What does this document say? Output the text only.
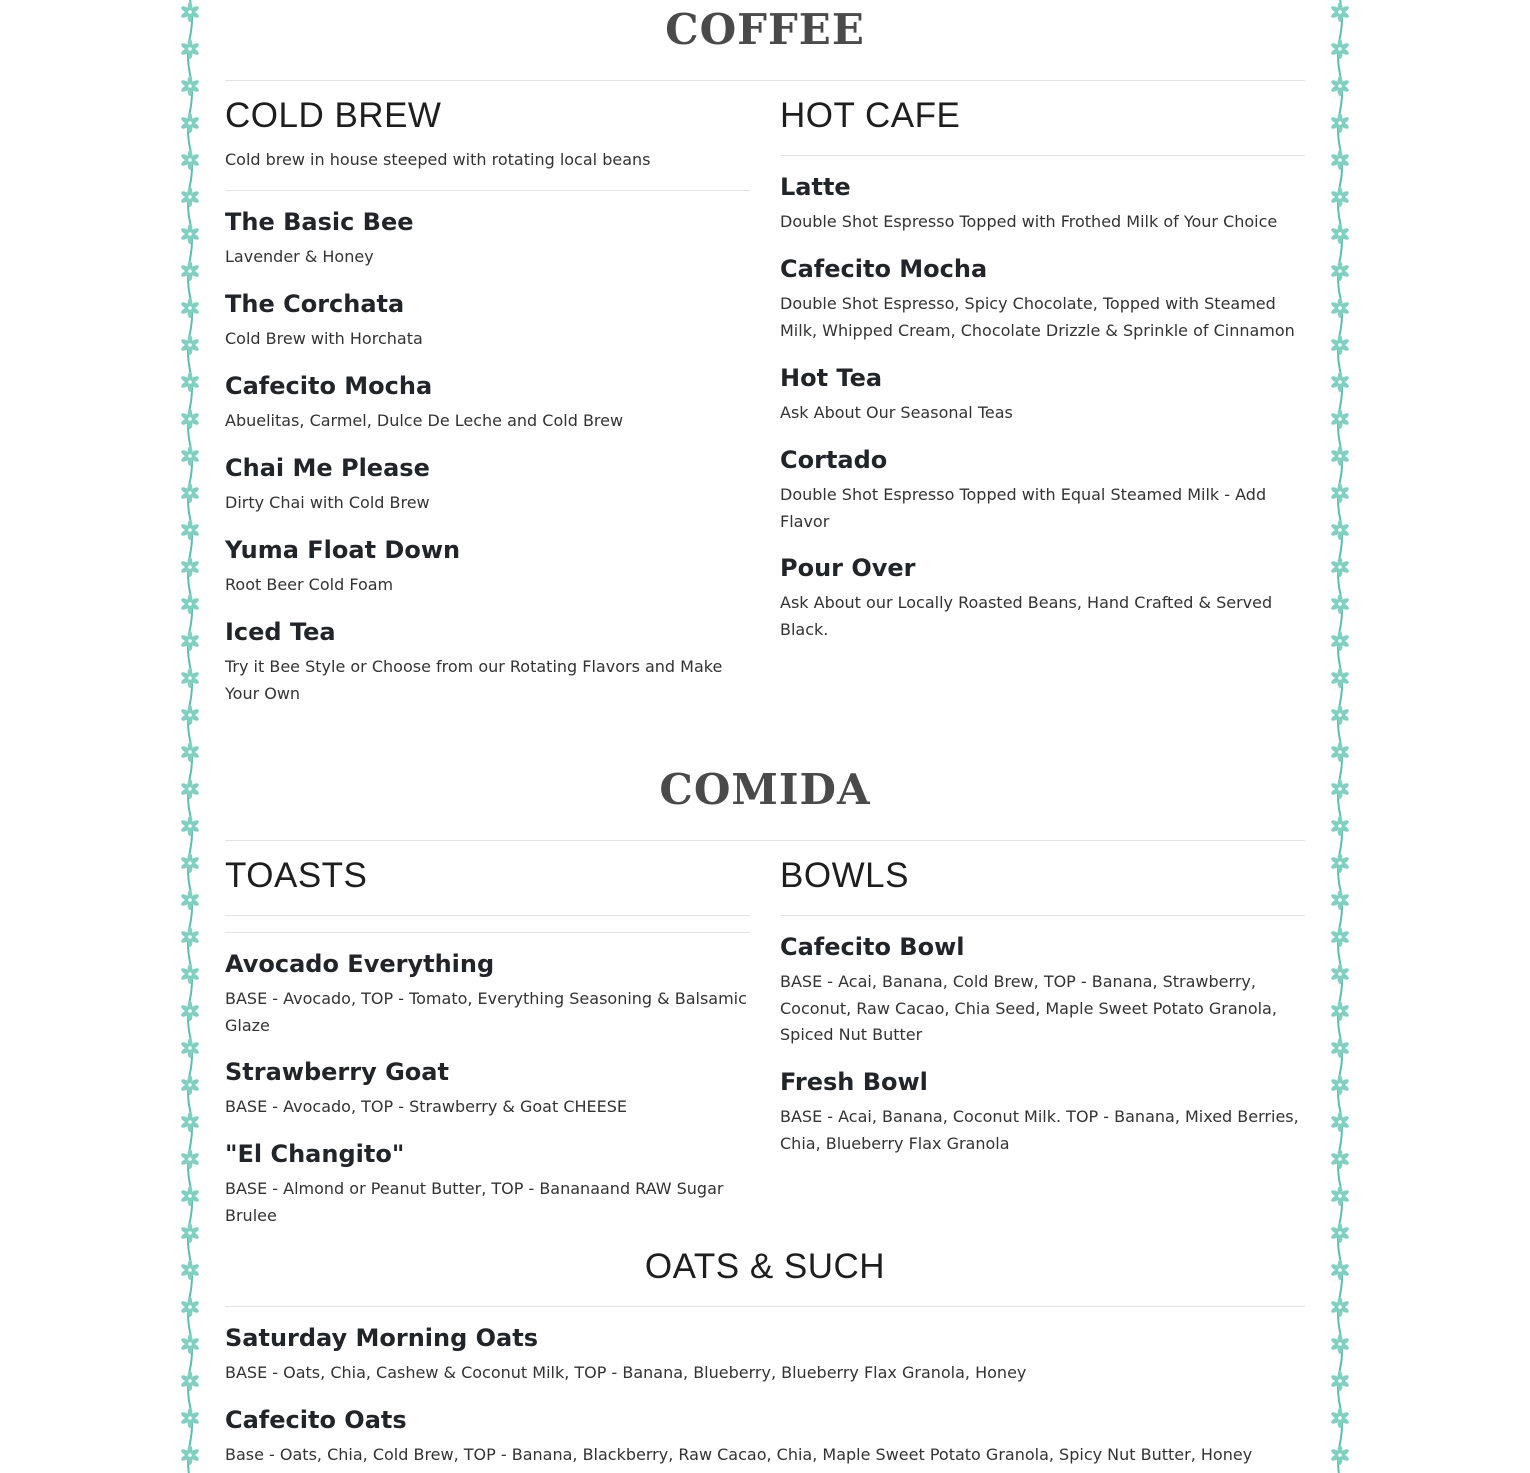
COFFEE
COLD BREW
Cold brew in house steeped with rotating local beans
The Basic Bee

Lavender & Honey

The Corchata

Cold Brew with Horchata

Cafecito Mocha

Abuelitas, Carmel, Dulce De Leche and Cold Brew

Chai Me Please

Dirty Chai with Cold Brew

Yuma Float Down

Root Beer Cold Foam

Iced Tea

Try it Bee Style or Choose from our Rotating Flavors and Make Your Own

HOT CAFE
Latte

Double Shot Espresso Topped with Frothed Milk of Your Choice

Cafecito Mocha

Double Shot Espresso, Spicy Chocolate, Topped with Steamed Milk, Whipped Cream, Chocolate Drizzle & Sprinkle of Cinnamon

Hot Tea

Ask About Our Seasonal Teas

Cortado

Double Shot Espresso Topped with Equal Steamed Milk - Add Flavor

Pour Over

Ask About our Locally Roasted Beans, Hand Crafted & Served Black.

COMIDA
TOASTS
Avocado Everything

BASE - Avocado, TOP - Tomato, Everything Seasoning & Balsamic Glaze

Strawberry Goat

BASE - Avocado, TOP - Strawberry & Goat CHEESE

"El Changito"

BASE - Almond or Peanut Butter, TOP - Bananaand RAW Sugar Brulee

BOWLS
Cafecito Bowl

BASE - Acai, Banana, Cold Brew, TOP - Banana, Strawberry, Coconut, Raw Cacao, Chia Seed, Maple Sweet Potato Granola, Spiced Nut Butter

Fresh Bowl

BASE - Acai, Banana, Coconut Milk. TOP - Banana, Mixed Berries, Chia, Blueberry Flax Granola

OATS & SUCH
Saturday Morning Oats

BASE - Oats, Chia, Cashew & Coconut Milk, TOP - Banana, Blueberry, Blueberry Flax Granola, Honey

Cafecito Oats

Base - Oats, Chia, Cold Brew, TOP - Banana, Blackberry, Raw Cacao, Chia, Maple Sweet Potato Granola, Spicy Nut Butter, Honey
